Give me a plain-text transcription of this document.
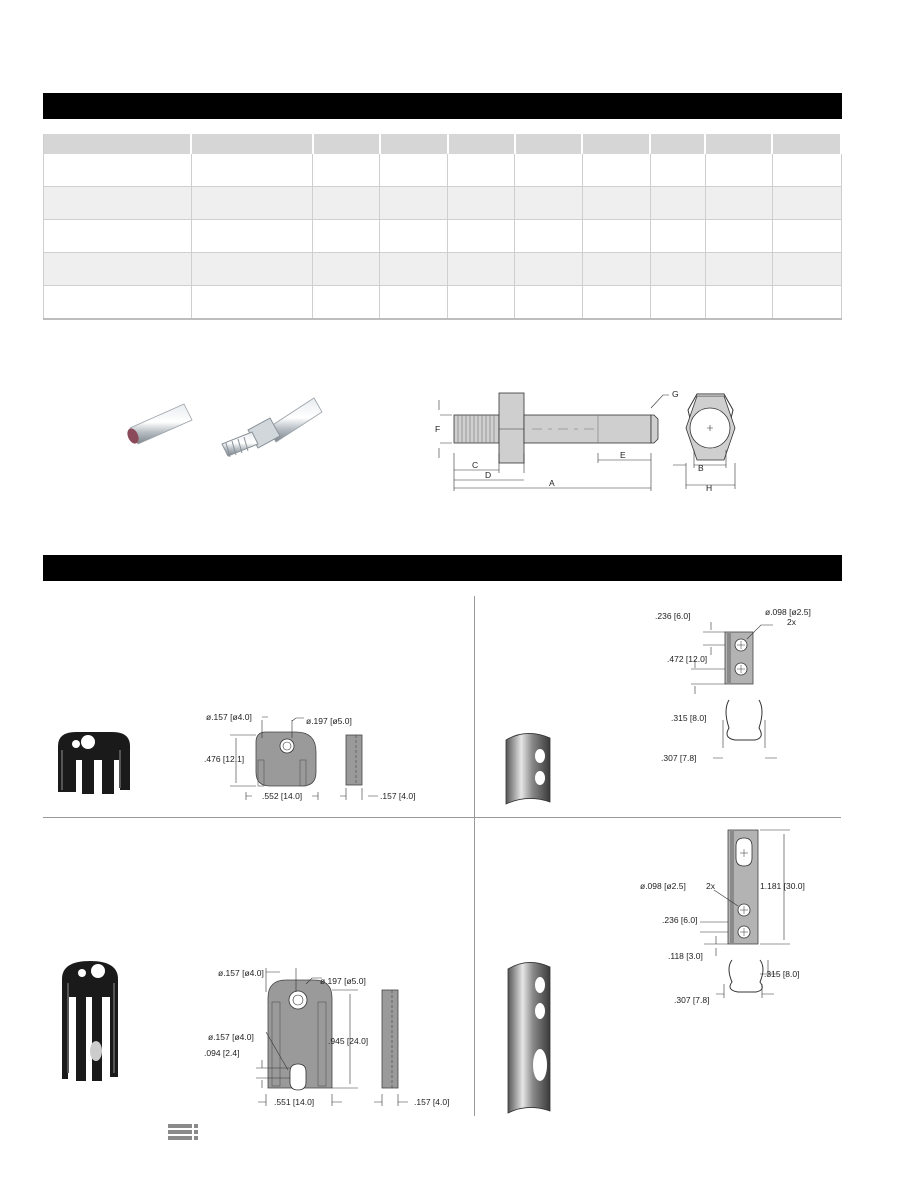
F
C
D
A
E
G
B
H
ø.157 [ø4.0]	ø.197 [ø5.0]
.476 [12.1]
.552 [14.0]	.157 [4.0]
.236 [6.0]	ø.098 [ø2.5]
2x
.472 [12.0]
.315 [8.0]
.307 [7.8]
ø.157 [ø4.0]
ø.197 [ø5.0]
ø.157 [ø4.0]
.094 [2.4]
.945 [24.0]
.551 [14.0]	.157 [4.0]
ø.098 [ø2.5] 2x	1.181 [30.0]
.236 [6.0]
.118 [3.0]
.315 [8.0]
.307 [7.8]
